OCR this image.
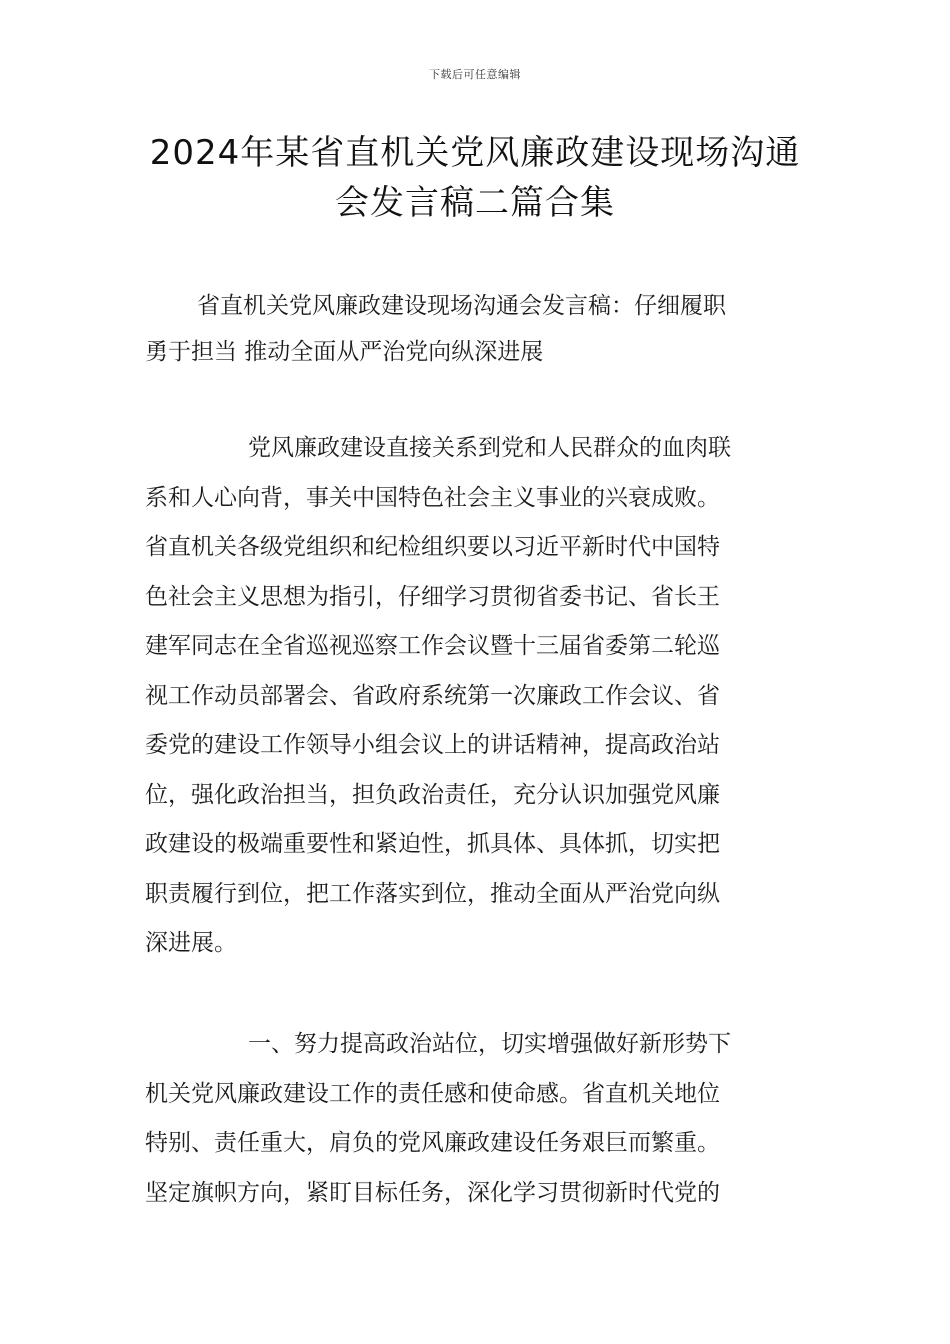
下载后可任意编辑
2024年某省直机关党风廉政建设现场沟通
会发言稿二篇合集
省直机关党风廉政建设现场沟通会发言稿：仔细履职
勇于担当 推动全面从严治党向纵深进展
党风廉政建设直接关系到党和人民群众的血肉联
系和人心向背，事关中国特色社会主义事业的兴衰成败。
省直机关各级党组织和纪检组织要以习近平新时代中国特
色社会主义思想为指引，仔细学习贯彻省委书记、省长王
建军同志在全省巡视巡察工作会议暨十三届省委第二轮巡
视工作动员部署会、省政府系统第一次廉政工作会议、省
委党的建设工作领导小组会议上的讲话精神，提高政治站
位，强化政治担当，担负政治责任，充分认识加强党风廉
政建设的极端重要性和紧迫性，抓具体、具体抓，切实把
职责履行到位，把工作落实到位，推动全面从严治党向纵
深进展。
一、努力提高政治站位，切实增强做好新形势下
机关党风廉政建设工作的责任感和使命感。省直机关地位
特别、责任重大，肩负的党风廉政建设任务艰巨而繁重。
坚定旗帜方向，紧盯目标任务，深化学习贯彻新时代党的
